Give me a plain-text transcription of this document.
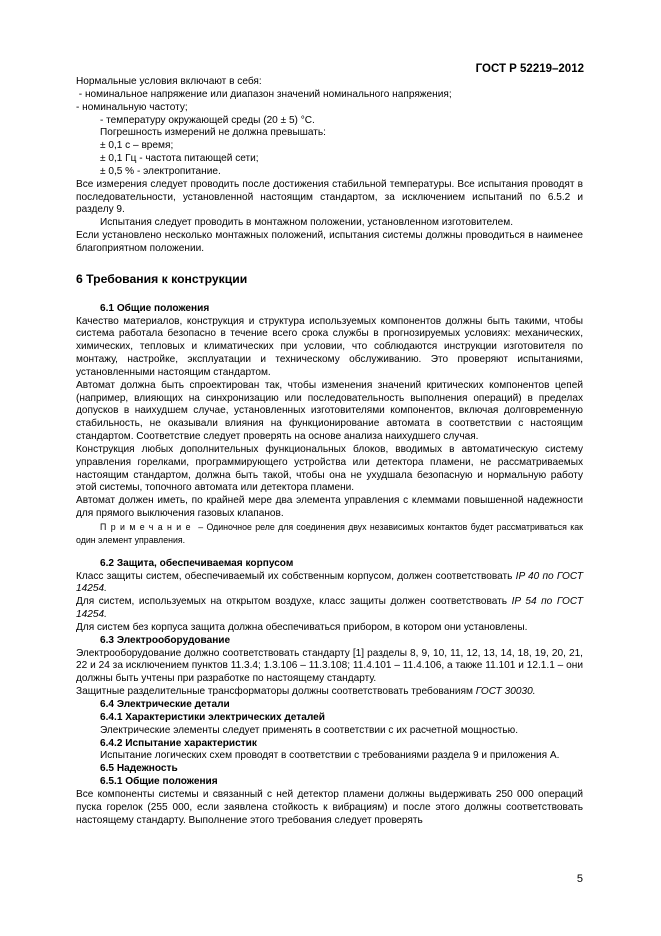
ГОСТ Р 52219–2012

Нормальные условия включают в себя:

- номинальное напряжение или диапазон значений номинального напряжения;

- номинальную частоту;

- температуру окружающей среды (20 ± 5) °С.

Погрешность измерений не должна превышать:

± 0,1 с – время;

± 0,1 Гц - частота питающей сети;

± 0,5 % - электропитание.

Все измерения следует проводить после достижения стабильной температуры. Все испытания проводят в последовательности, установленной настоящим стандартом, за исключением испытаний по 6.5.2 и разделу 9.

Испытания следует проводить в монтажном положении, установленном изготовителем.

Если установлено несколько монтажных положений, испытания системы должны проводиться в наименее благоприятном положении.

6 Требования к конструкции

6.1 Общие положения

Качество материалов, конструкция и структура используемых компонентов должны быть такими, чтобы система работала безопасно в течение всего срока службы в прогнозируемых условиях: механических, химических, тепловых и климатических при условии, что соблюдаются инструкции изготовителя по монтажу, настройке, эксплуатации и техническому обслуживанию. Это проверяют испытаниями, установленными настоящим стандартом.

Автомат должна быть спроектирован так, чтобы изменения значений критических компонентов цепей (например, влияющих на синхронизацию или последовательность выполнения операций) в пределах допусков в наихудшем случае, установленных изготовителями компонентов, включая долговременную стабильность, не оказывали влияния на функционирование автомата в соответствии с настоящим стандартом. Соответствие следует проверять на основе анализа наихудшего случая.

Конструкция любых дополнительных функциональных блоков, вводимых в автоматическую систему управления горелками, программирующего устройства или детектора пламени, не рассматриваемых настоящим стандартом, должна быть такой, чтобы она не ухудшала безопасную и нормальную работу этой системы, топочного автомата или детектора пламени.

Автомат должен иметь, по крайней мере два элемента управления с клеммами повышенной надежности для прямого выключения газовых клапанов.

Примечание – Одиночное реле для соединения двух независимых контактов будет рассматриваться как один элемент управления.

6.2 Защита, обеспечиваемая корпусом

Класс защиты систем, обеспечиваемый их собственным корпусом, должен соответствовать IP 40 по ГОСТ 14254.

Для систем, используемых на открытом воздухе, класс защиты должен соответствовать IP 54 по ГОСТ 14254.

Для систем без корпуса защита должна обеспечиваться прибором, в котором они установлены.

6.3 Электрооборудование

Электрооборудование должно соответствовать стандарту [1] разделы 8, 9, 10, 11, 12, 13, 14, 18, 19, 20, 21, 22 и 24 за исключением пунктов 11.3.4; 1.3.106 – 11.3.108; 11.4.101 – 11.4.106, а также 11.101 и 12.1.1 – они должны быть учтены при разработке по настоящему стандарту.

Защитные разделительные трансформаторы должны соответствовать требованиям ГОСТ 30030.

6.4 Электрические детали

6.4.1 Характеристики электрических деталей

Электрические элементы следует применять в соответствии с их расчетной мощностью.

6.4.2 Испытание характеристик

Испытание логических схем проводят в соответствии с требованиями раздела 9 и приложения А.

6.5 Надежность

6.5.1 Общие положения

Все компоненты системы и связанный с ней детектор пламени должны выдерживать 250 000 операций пуска горелок (255 000, если заявлена стойкость к вибрациям) и после этого должны соответствовать настоящему стандарту. Выполнение этого требования следует проверять

5
